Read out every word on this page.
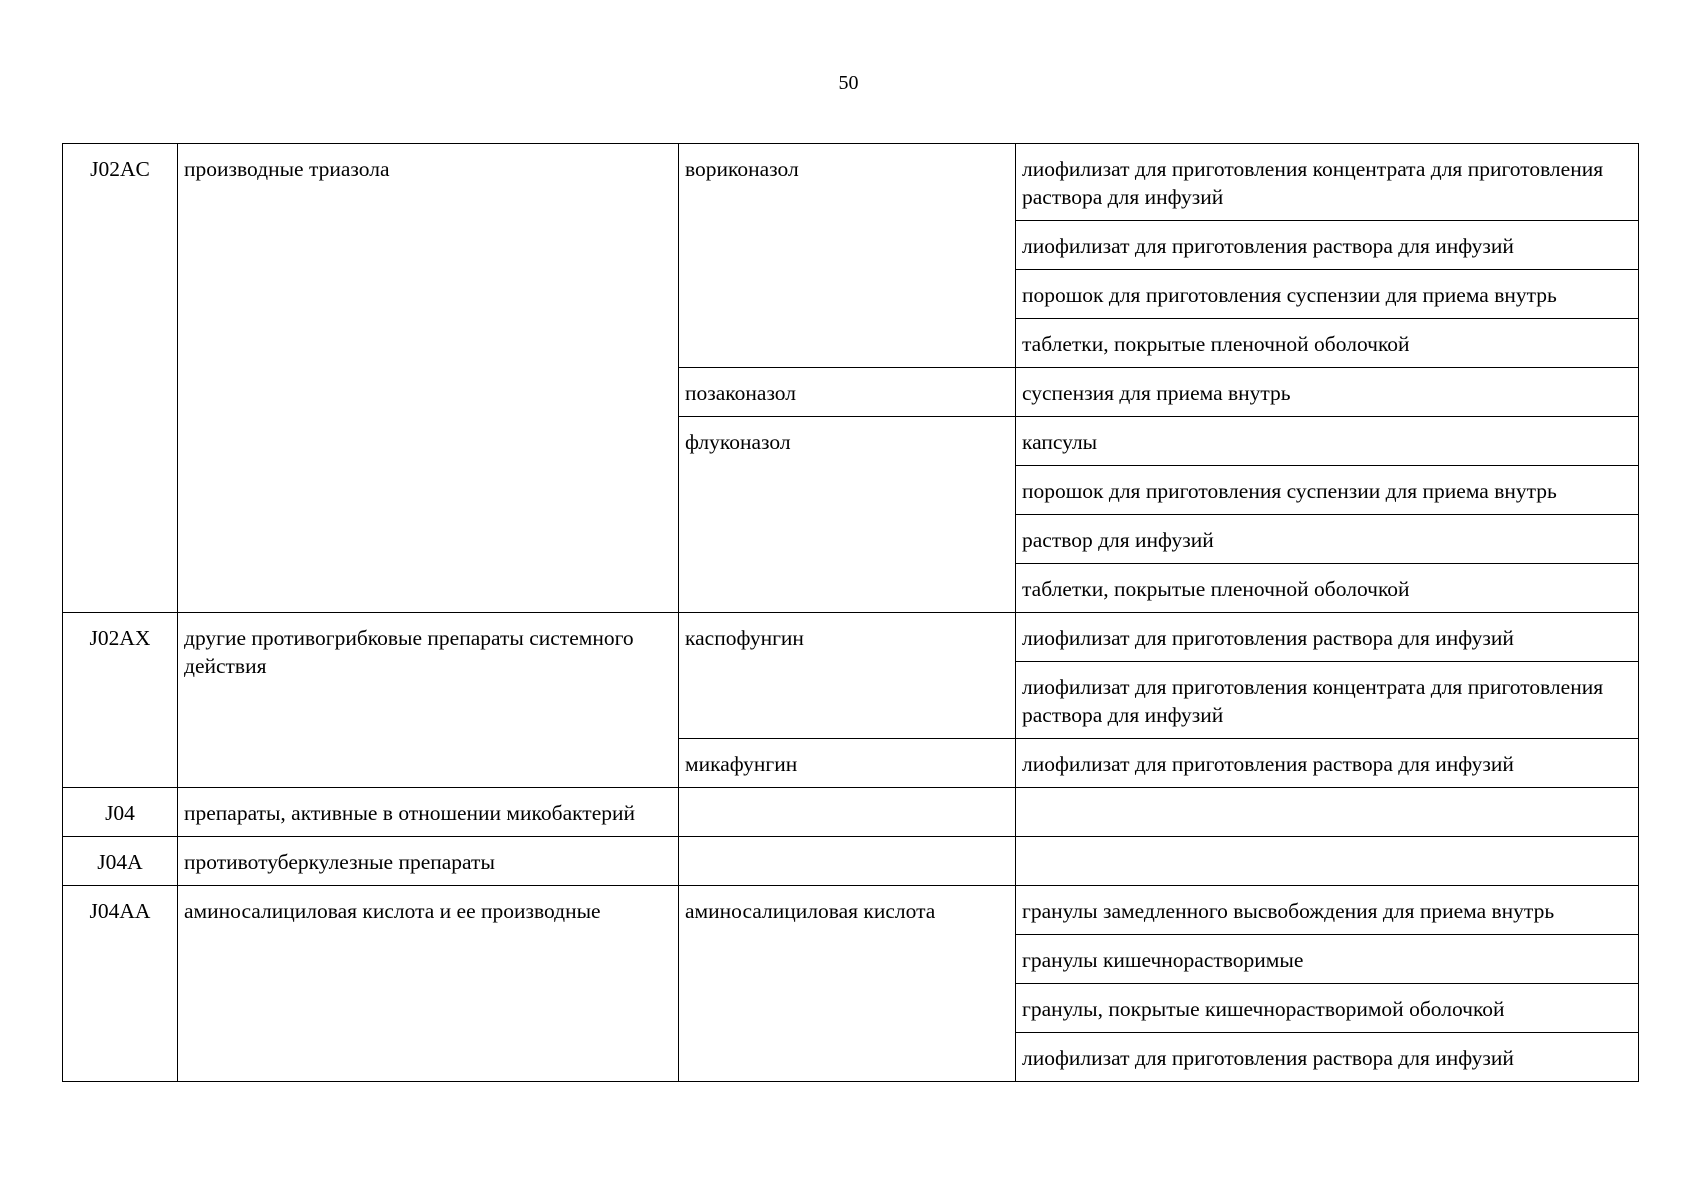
50
J02AC	производные триазола	вориконазол	лиофилизат для приготовления концентрата для приготовления раствора для инфузий
			лиофилизат для приготовления раствора для инфузий
			порошок для приготовления суспензии для приема внутрь
			таблетки, покрытые пленочной оболочкой
		позаконазол	суспензия для приема внутрь
		флуконазол	капсулы
			порошок для приготовления суспензии для приема внутрь
			раствор для инфузий
			таблетки, покрытые пленочной оболочкой
J02AX	другие противогрибковые препараты системного действия	каспофунгин	лиофилизат для приготовления раствора для инфузий
			лиофилизат для приготовления концентрата для приготовления раствора для инфузий
		микафунгин	лиофилизат для приготовления раствора для инфузий
J04	препараты, активные в отношении микобактерий		
J04A	противотуберкулезные препараты		
J04AA	аминосалициловая кислота и ее производные	аминосалициловая кислота	гранулы замедленного высвобождения для приема внутрь
			гранулы кишечнорастворимые
			гранулы, покрытые кишечнорастворимой оболочкой
			лиофилизат для приготовления раствора для инфузий
